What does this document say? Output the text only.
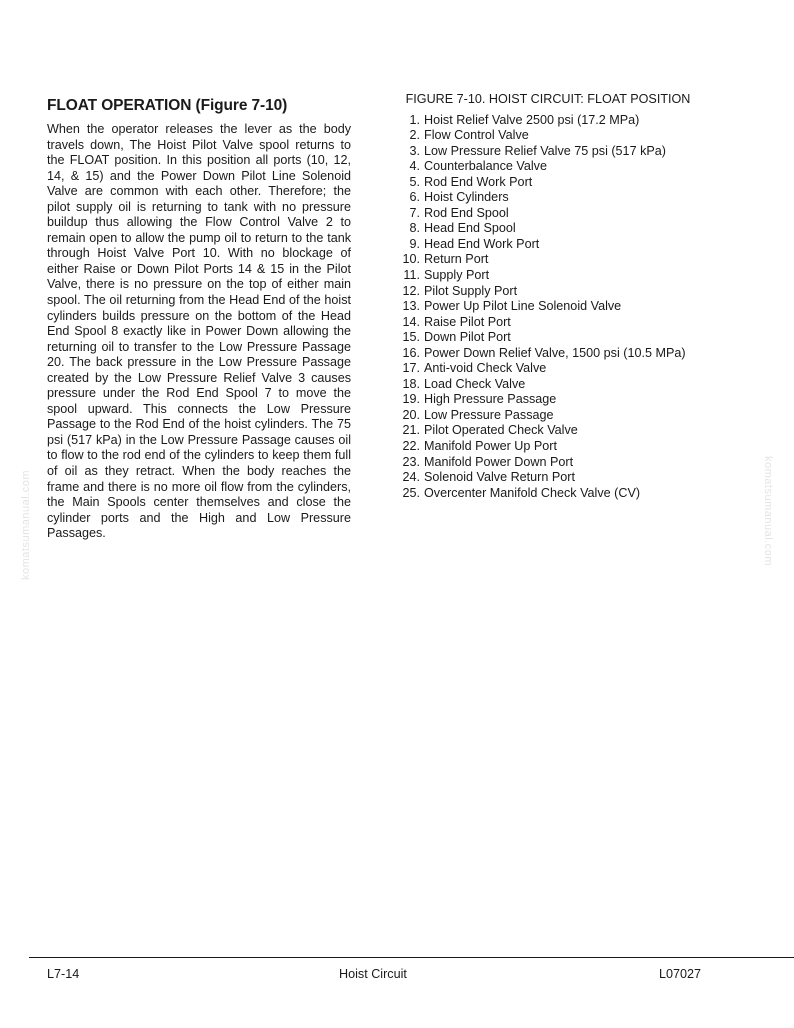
FLOAT OPERATION (Figure 7-10)

When the operator releases the lever as the body travels down, The Hoist Pilot Valve spool returns to the FLOAT position. In this position all ports (10, 12, 14, & 15) and the Power Down Pilot Line Solenoid Valve are common with each other. Therefore; the pilot supply oil is returning to tank with no pressure buildup thus allowing the Flow Control Valve 2 to remain open to allow the pump oil to return to the tank through Hoist Valve Port 10. With no blockage of either Raise or Down Pilot Ports 14 & 15 in the Pilot Valve, there is no pressure on the top of either main spool. The oil returning from the Head End of the hoist cylinders builds pressure on the bottom of the Head End Spool 8 exactly like in Power Down allowing the returning oil to transfer to the Low Pressure Passage 20. The back pressure in the Low Pressure Passage created by the Low Pressure Relief Valve 3 causes pressure under the Rod End Spool 7 to move the spool upward. This connects the Low Pressure Passage to the Rod End of the hoist cylinders. The 75 psi (517 kPa) in the Low Pressure Passage causes oil to flow to the rod end of the cylinders to keep them full of oil as they retract. When the body reaches the frame and there is no more oil flow from the cylinders, the Main Spools center themselves and close the cylinder ports and the High and Low Pressure Passages.

FIGURE 7-10. HOIST CIRCUIT: FLOAT POSITION
1. Hoist Relief Valve 2500 psi (17.2 MPa)
2. Flow Control Valve
3. Low Pressure Relief Valve 75 psi (517 kPa)
4. Counterbalance Valve
5. Rod End Work Port
6. Hoist Cylinders
7. Rod End Spool
8. Head End Spool
9. Head End Work Port
10. Return Port
11. Supply Port
12. Pilot Supply Port
13. Power Up Pilot Line Solenoid Valve
14. Raise Pilot Port
15. Down Pilot Port
16. Power Down Relief Valve, 1500 psi (10.5 MPa)
17. Anti-void Check Valve
18. Load Check Valve
19. High Pressure Passage
20. Low Pressure Passage
21. Pilot Operated Check Valve
22. Manifold Power Up Port
23. Manifold Power Down Port
24. Solenoid Valve Return Port
25. Overcenter Manifold Check Valve (CV)
komatsumanual.com	komatsumanual.com
L7-14	Hoist Circuit	L07027
